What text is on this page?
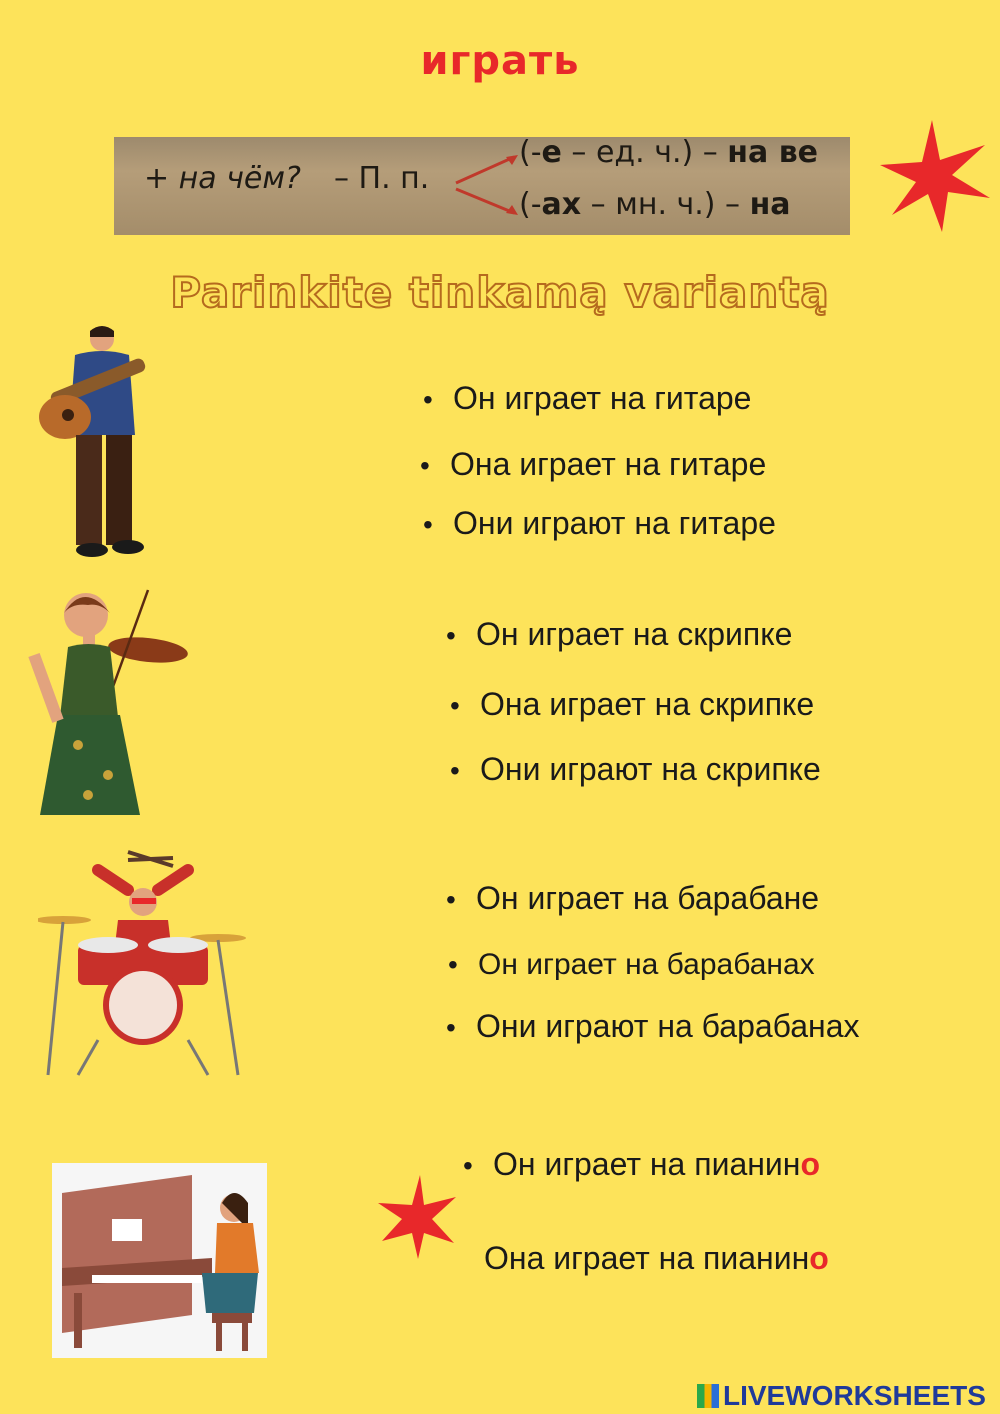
играть
+ на чём? – П. п.
(-е – ед. ч.) – на ве
(-ах – мн. ч.) – на
Parinkite tinkamą variantą
• Он играет на гитаре
• Она играет на гитаре
• Они играют на гитаре
• Он играет на скрипке
• Она играет на скрипке
• Они играют на скрипке
• Он играет на барабане
• Он играет на барабанах
• Они играют на барабанах
• Он играет на пианино
Она играет на пианино
LIVEWORKSHEETS
